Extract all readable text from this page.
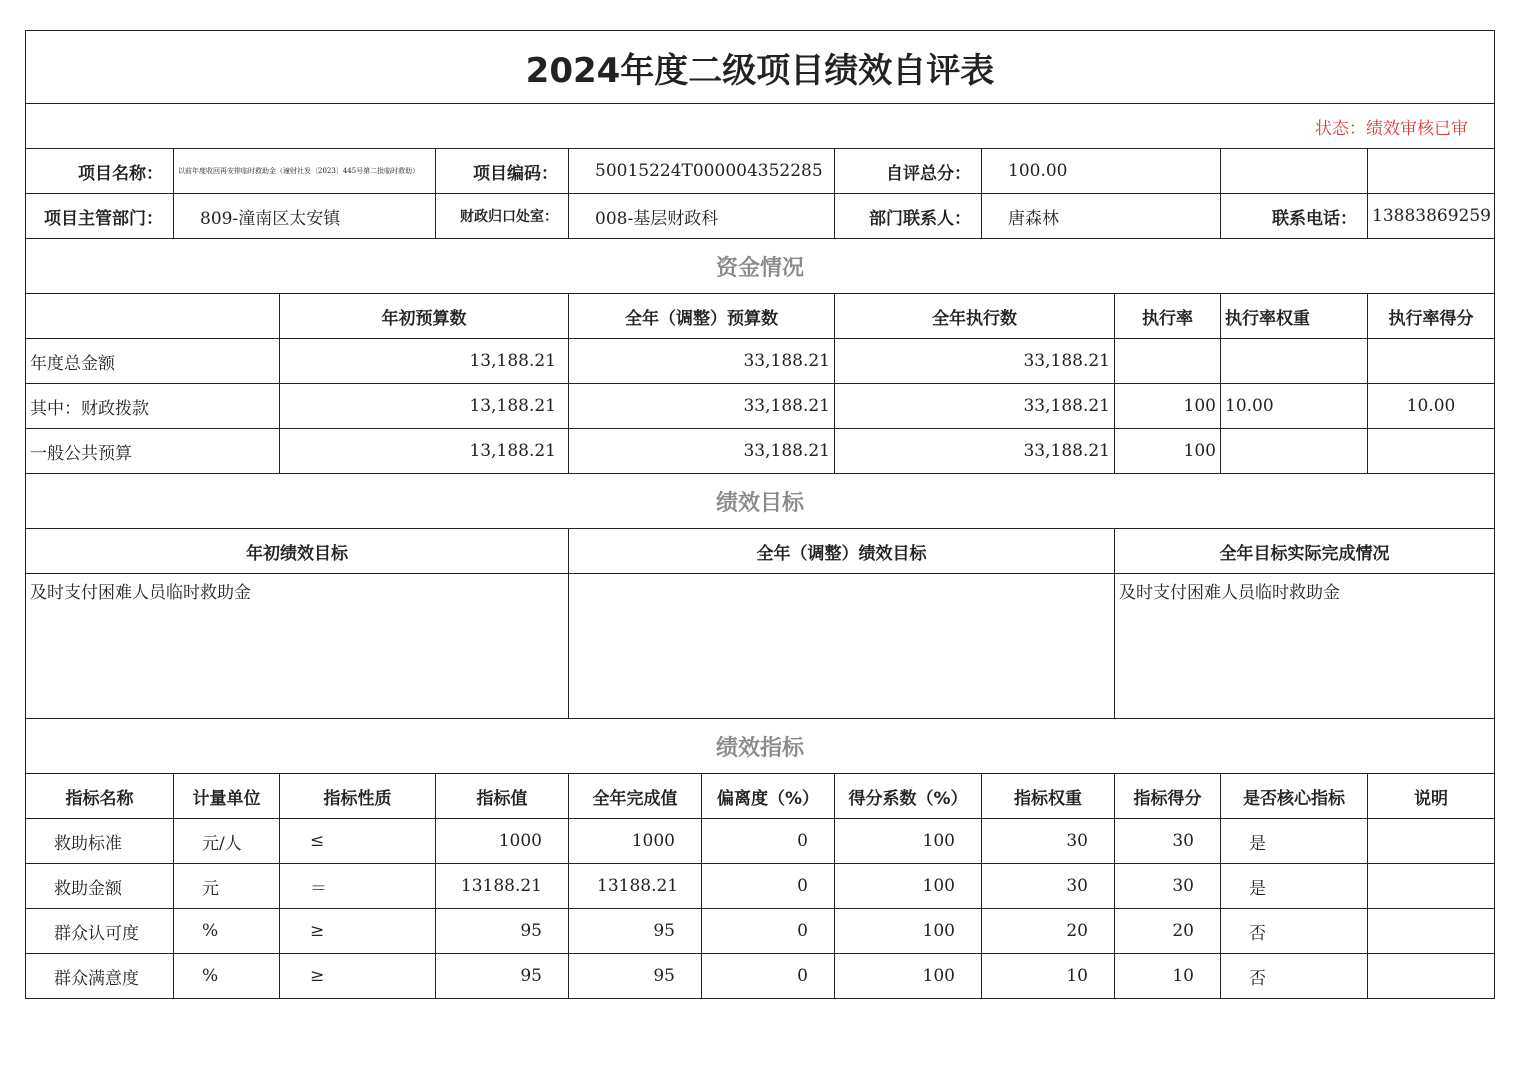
2024年度二级项目绩效自评表										
状态：绩效审核已审										
项目名称：	以前年度收回再安排临时救助金（潼财社发〔2023〕445号第二批临时救助）		项目编码：	50015224T000004352285		自评总分：	100.00			
项目主管部门：	809-潼南区太安镇		财政归口处室：	008-基层财政科		部门联系人：	唐森林		联系电话：	13883869259
资金情况										
		年初预算数		全年（调整）预算数		全年执行数		执行率	执行率权重	执行率得分
年度总金额		13,188.21		33,188.21		33,188.21				
其中：财政拨款		13,188.21		33,188.21		33,188.21		100	10.00	10.00
一般公共预算		13,188.21		33,188.21		33,188.21		100		
绩效目标										
年初绩效目标				全年（调整）绩效目标				全年目标实际完成情况		
及时支付困难人员临时救助金								及时支付困难人员临时救助金		
绩效指标										
指标名称	计量单位	指标性质	指标值	全年完成值	偏离度（%）	得分系数（%）	指标权重	指标得分	是否核心指标	说明
救助标准	元/人	≤	1000	1000	0	100	30	30	是	
救助金额	元	＝	13188.21	13188.21	0	100	30	30	是	
群众认可度	%	≥	95	95	0	100	20	20	否	
群众满意度	%	≥	95	95	0	100	10	10	否	
